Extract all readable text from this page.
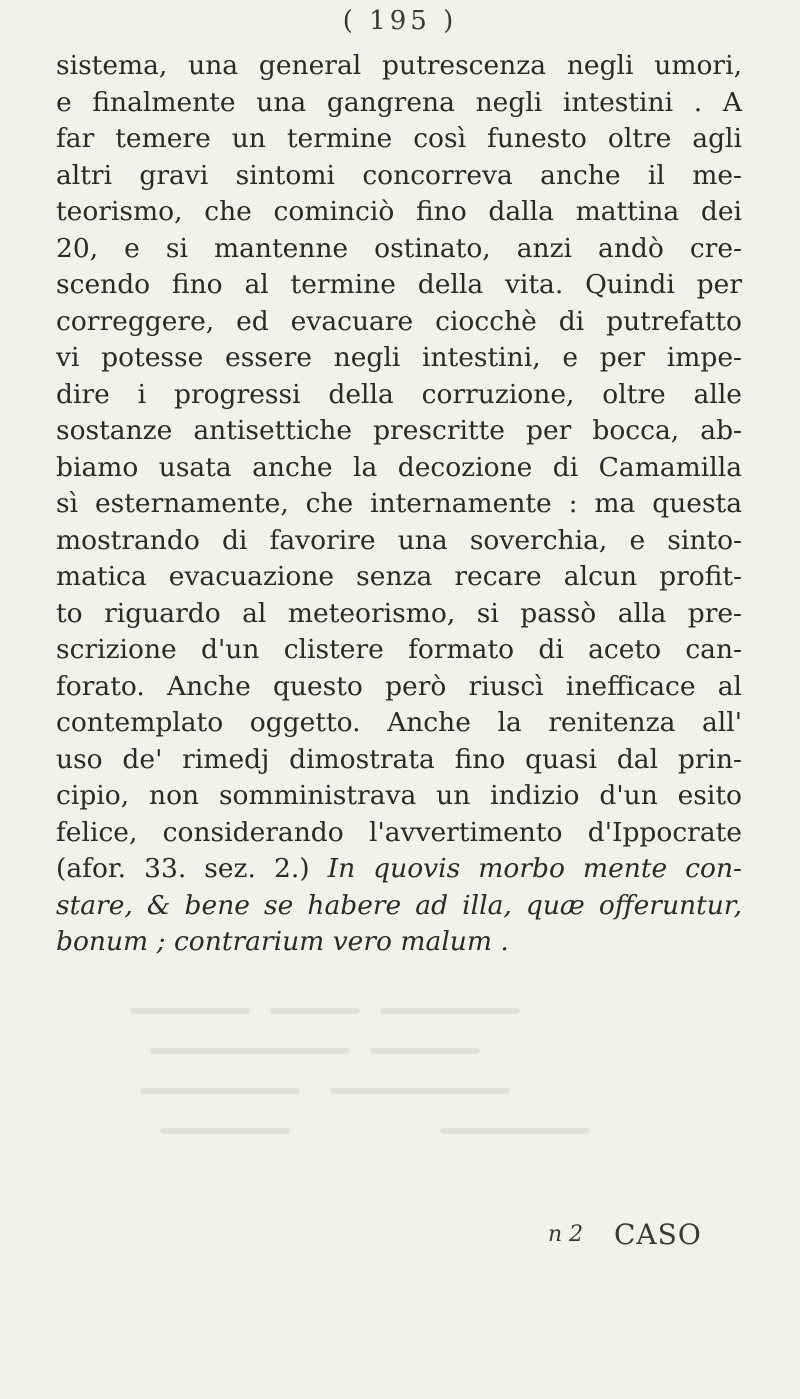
( 195 )
sistema, una general putrescenza negli umori,
e finalmente una gangrena negli intestini . A
far temere un termine così funesto oltre agli
altri gravi sintomi concorreva anche il me-
teorismo, che cominciò fino dalla mattina dei
20, e si mantenne ostinato, anzi andò cre-
scendo fino al termine della vita. Quindi per
correggere, ed evacuare ciocchè di putrefatto
vi potesse essere negli intestini, e per impe-
dire i progressi della corruzione, oltre alle
sostanze antisettiche prescritte per bocca, ab-
biamo usata anche la decozione di Camamilla
sì esternamente, che internamente : ma questa
mostrando di favorire una soverchia, e sinto-
matica evacuazione senza recare alcun profit-
to riguardo al meteorismo, si passò alla pre-
scrizione d'un clistere formato di aceto can-
forato. Anche questo però riuscì inefficace al
contemplato oggetto. Anche la renitenza all'
uso de' rimedj dimostrata fino quasi dal prin-
cipio, non somministrava un indizio d'un esito
felice, considerando l'avvertimento d'Ippocrate
(afor. 33. sez. 2.) In quovis morbo mente con-
stare, & bene se habere ad illa, quæ offeruntur,
bonum ; contrarium vero malum .
n 2 CASO
